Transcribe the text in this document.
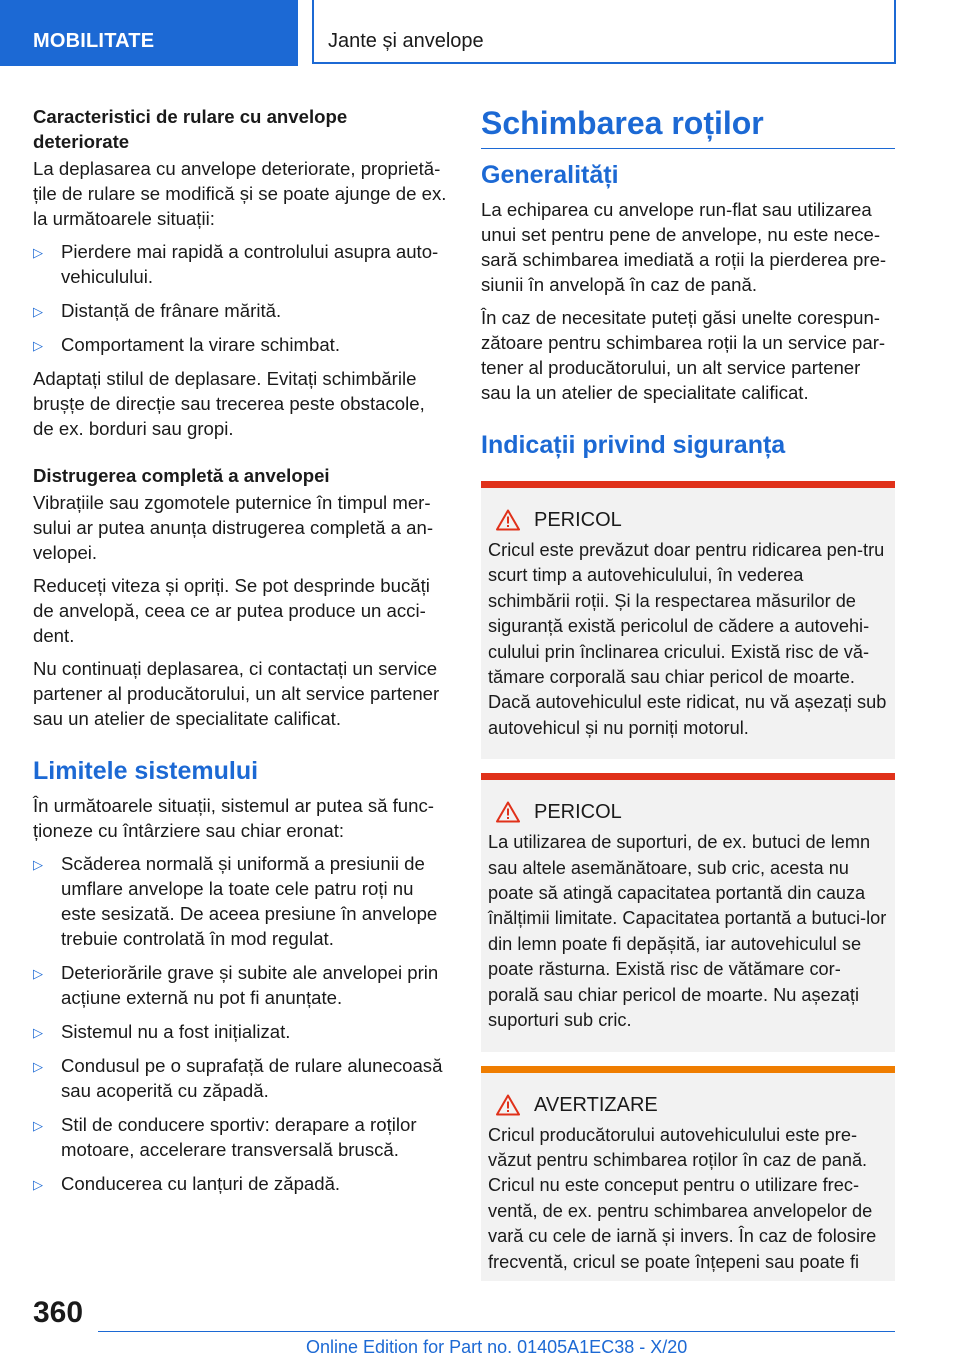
MOBILITATE	Jante și anvelope
Caracteristici de rulare cu anvelope deteriorate

La deplasarea cu anvelope deteriorate, proprietă-țile de rulare se modifică și se poate ajunge de ex. la următoarele situații:

▷ Pierdere mai rapidă a controlului asupra auto-vehiculului.
▷ Distanță de frânare mărită.
▷ Comportament la virare schimbat.

Adaptați stilul de deplasare. Evitați schimbările brușțe de direcție sau trecerea peste obstacole, de ex. borduri sau gropi.

Distrugerea completă a anvelopei

Vibrațiile sau zgomotele puternice în timpul mer-sului ar putea anunța distrugerea completă a an-velopei.

Reduceți viteza și opriți. Se pot desprinde bucăți de anvelopă, ceea ce ar putea produce un acci-dent.

Nu continuați deplasarea, ci contactați un service partener al producătorului, un alt service partener sau un atelier de specialitate calificat.

Limitele sistemului

În următoarele situații, sistemul ar putea să func-ționeze cu întârziere sau chiar eronat:

▷ Scăderea normală și uniformă a presiunii de umflare anvelope la toate cele patru roți nu este sesizată. De aceea presiune în anvelope trebuie controlată în mod regulat.
▷ Deteriorările grave și subite ale anvelopei prin acțiune externă nu pot fi anunțate.
▷ Sistemul nu a fost inițializat.
▷ Condusul pe o suprafață de rulare alunecoasă sau acoperită cu zăpadă.
▷ Stil de conducere sportiv: derapare a roților motoare, accelerare transversală bruscă.
▷ Conducerea cu lanțuri de zăpadă.
Schimbarea roților
Generalități

La echiparea cu anvelope run-flat sau utilizarea unui set pentru pene de anvelope, nu este nece-sară schimbarea imediată a roții la pierderea pre-siunii în anvelopă în caz de pană.

În caz de necesitate puteți găsi unelte corespun-zătoare pentru schimbarea roții la un service par-tener al producătorului, un alt service partener sau la un atelier de specialitate calificat.

Indicații privind siguranța
PERICOL

Cricul este prevăzut doar pentru ridicarea pen-tru scurt timp a autovehiculului, în vederea schimbării roții. Și la respectarea măsurilor de siguranță există pericolul de cădere a autovehi-culului prin înclinarea cricului. Există risc de vă-tămare corporală sau chiar pericol de moarte. Dacă autovehiculul este ridicat, nu vă așezați sub autovehicul și nu porniți motorul.

PERICOL

La utilizarea de suporturi, de ex. butuci de lemn sau altele asemănătoare, sub cric, acesta nu poate să atingă capacitatea portantă din cauza înălțimii limitate. Capacitatea portantă a butuci-lor din lemn poate fi depășită, iar autovehiculul se poate răsturna. Există risc de vătămare cor-porală sau chiar pericol de moarte. Nu așezați suporturi sub cric.

AVERTIZARE

Cricul producătorului autovehiculului este pre-văzut pentru schimbarea roților în caz de pană. Cricul nu este conceput pentru o utilizare frec-ventă, de ex. pentru schimbarea anvelopelor de vară cu cele de iarnă și invers. În caz de folosire frecventă, cricul se poate înțepeni sau poate fi

360
Online Edition for Part no. 01405A1EC38 - X/20
